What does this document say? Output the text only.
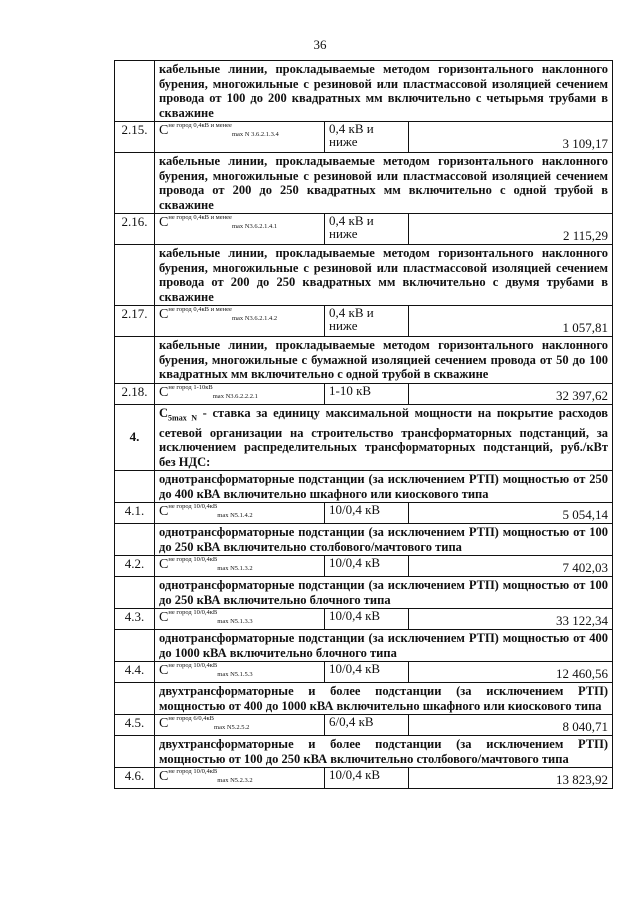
36
	кабельные линии, прокладываемые методом горизонтального наклонного бурения, многожильные с резиновой или пластмассовой изоляцией сечением провода от 100 до 200 квадратных мм включительно с четырьмя трубами в скважине		
2.15.	$C^{не город 0,4кВ и менее}_{max N 3.6.2.1.3.4}$	0,4 кВ и ниже	3 109,17
	кабельные линии, прокладываемые методом горизонтального наклонного бурения, многожильные с резиновой или пластмассовой изоляцией сечением провода от 200 до 250 квадратных мм включительно с одной трубой в скважине		
2.16.	$C^{не город 0,4кВ и менее}_{max N3.6.2.1.4.1}$	0,4 кВ и ниже	2 115,29
	кабельные линии, прокладываемые методом горизонтального наклонного бурения, многожильные с резиновой или пластмассовой изоляцией сечением провода от 200 до 250 квадратных мм включительно с двумя трубами в скважине		
2.17.	$C^{не город 0,4кВ и менее}_{max N3.6.2.1.4.2}$	0,4 кВ и ниже	1 057,81
	кабельные линии, прокладываемые методом горизонтального наклонного бурения, многожильные с бумажной изоляцией сечением провода от 50 до 100 квадратных мм включительно с одной трубой в скважине		
2.18.	$C^{не город 1-10кВ}_{max N3.6.2.2.2.1}$	1-10 кВ	32 397,62
4.	$C_{5max N}$ - ставка за единицу максимальной мощности на покрытие расходов сетевой организации на строительство трансформаторных подстанций, за исключением распределительных трансформаторных подстанций, руб./кВт без НДС:		
	однотрансформаторные подстанции (за исключением РТП) мощностью от 250 до 400 кВА включительно шкафного или киоскового типа		
4.1.	$C^{не город 10/0,4кВ}_{max N5.1.4.2}$	10/0,4 кВ	5 054,14
	однотрансформаторные подстанции (за исключением РТП) мощностью от 100 до 250 кВА включительно столбового/мачтового типа		
4.2.	$C^{не город 10/0,4кВ}_{max N5.1.3.2}$	10/0,4 кВ	7 402,03
	однотрансформаторные подстанции (за исключением РТП) мощностью от 100 до 250 кВА включительно блочного типа		
4.3.	$C^{не город 10/0,4кВ}_{max N5.1.3.3}$	10/0,4 кВ	33 122,34
	однотрансформаторные подстанции (за исключением РТП) мощностью от 400 до 1000 кВА включительно блочного типа		
4.4.	$C^{не город 10/0,4кВ}_{max N5.1.5.3}$	10/0,4 кВ	12 460,56
	двухтрансформаторные и более подстанции (за исключением РТП) мощностью от 400 до 1000 кВА включительно шкафного или киоскового типа		
4.5.	$C^{не город 6/0,4кВ}_{max N5.2.5.2}$	6/0,4 кВ	8 040,71
	двухтрансформаторные и более подстанции (за исключением РТП) мощностью от 100 до 250 кВА включительно столбового/мачтового типа		
4.6.	$C^{не город 10/0,4кВ}_{max N5.2.3.2}$	10/0,4 кВ	13 823,92
